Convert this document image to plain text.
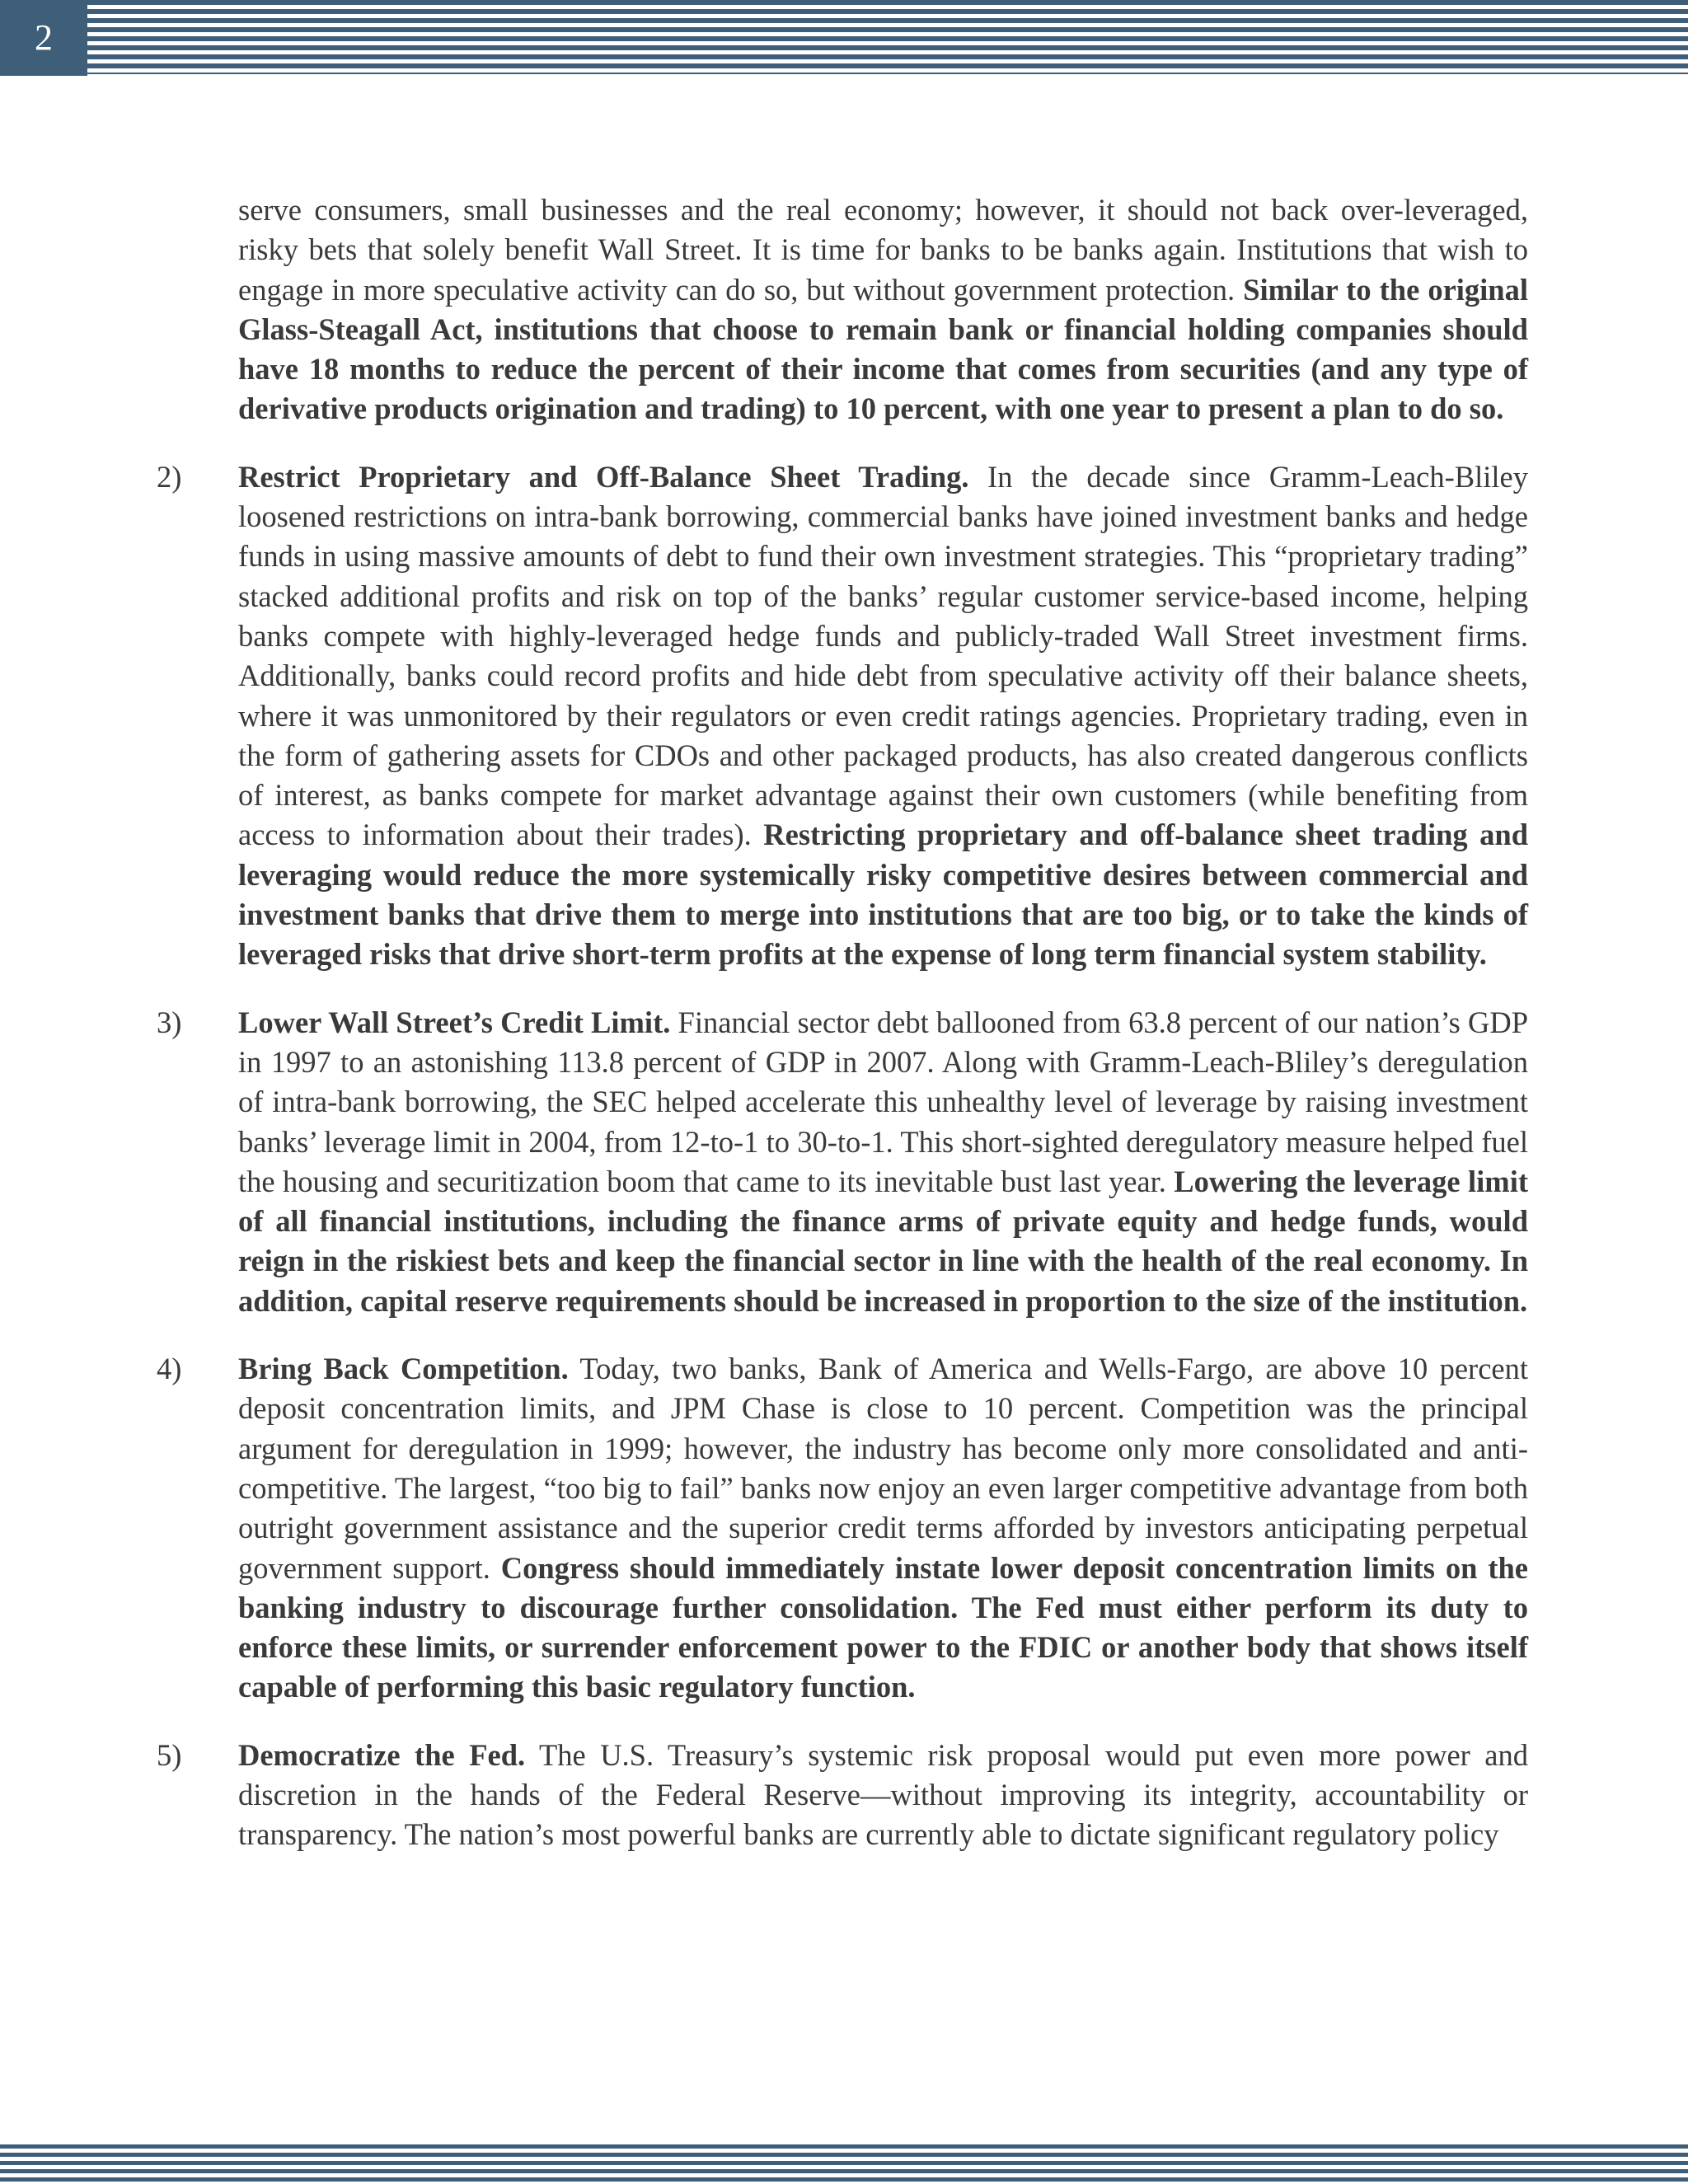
2

serve consumers, small businesses and the real economy; however, it should not back over-leveraged, risky bets that solely benefit Wall Street. It is time for banks to be banks again. Institutions that wish to engage in more speculative activity can do so, but without government protection. Similar to the original Glass-Steagall Act, institutions that choose to remain bank or financial holding companies should have 18 months to reduce the percent of their income that comes from securities (and any type of derivative products origination and trading) to 10 percent, with one year to present a plan to do so.

2) Restrict Proprietary and Off-Balance Sheet Trading. In the decade since Gramm-Leach-Bliley loosened restrictions on intra-bank borrowing, commercial banks have joined investment banks and hedge funds in using massive amounts of debt to fund their own investment strategies. This “proprietary trading” stacked additional profits and risk on top of the banks’ regular customer service-based income, helping banks compete with highly-leveraged hedge funds and publicly-traded Wall Street investment firms. Additionally, banks could record profits and hide debt from speculative activity off their balance sheets, where it was unmonitored by their regulators or even credit ratings agencies. Proprietary trading, even in the form of gathering assets for CDOs and other packaged products, has also created dangerous conflicts of interest, as banks compete for market advantage against their own customers (while benefiting from access to information about their trades). Restricting proprietary and off-balance sheet trading and leveraging would reduce the more systemically risky competitive desires between commercial and investment banks that drive them to merge into institutions that are too big, or to take the kinds of leveraged risks that drive short-term profits at the expense of long term financial system stability.

3) Lower Wall Street’s Credit Limit. Financial sector debt ballooned from 63.8 percent of our nation’s GDP in 1997 to an astonishing 113.8 percent of GDP in 2007. Along with Gramm-Leach-Bliley’s deregulation of intra-bank borrowing, the SEC helped accelerate this unhealthy level of leverage by raising investment banks’ leverage limit in 2004, from 12-to-1 to 30-to-1. This short-sighted deregulatory measure helped fuel the housing and securitization boom that came to its inevitable bust last year. Lowering the leverage limit of all financial institutions, including the finance arms of private equity and hedge funds, would reign in the riskiest bets and keep the financial sector in line with the health of the real economy. In addition, capital reserve requirements should be increased in proportion to the size of the institution.

4) Bring Back Competition. Today, two banks, Bank of America and Wells-Fargo, are above 10 percent deposit concentration limits, and JPM Chase is close to 10 percent. Competition was the principal argument for deregulation in 1999; however, the industry has become only more consolidated and anti-competitive. The largest, “too big to fail” banks now enjoy an even larger competitive advantage from both outright government assistance and the superior credit terms afforded by investors anticipating perpetual government support. Congress should immediately instate lower deposit concentration limits on the banking industry to discourage further consolidation. The Fed must either perform its duty to enforce these limits, or surrender enforcement power to the FDIC or another body that shows itself capable of performing this basic regulatory function.

5) Democratize the Fed. The U.S. Treasury’s systemic risk proposal would put even more power and discretion in the hands of the Federal Reserve—without improving its integrity, accountability or transparency. The nation’s most powerful banks are currently able to dictate significant regulatory policy
